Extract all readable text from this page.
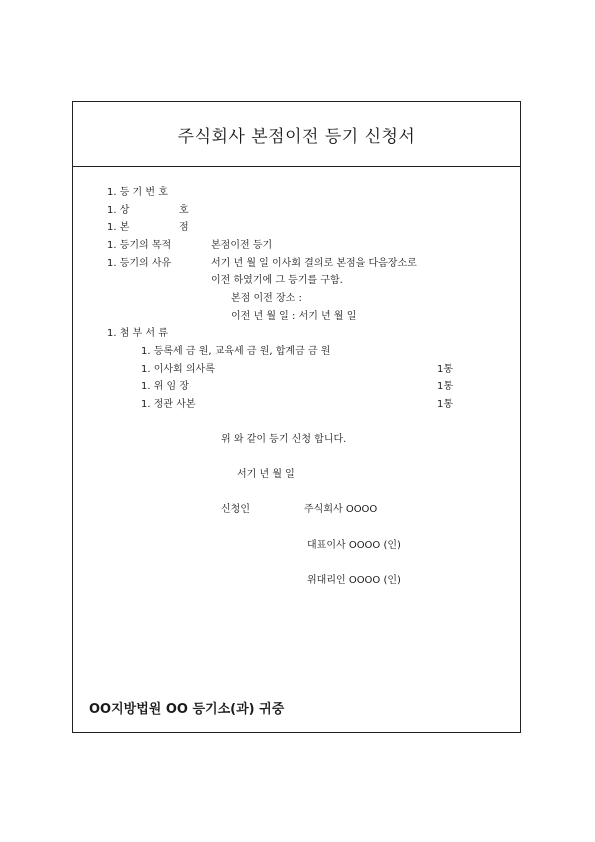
주식회사 본점이전 등기 신청서
1. 등 기 번 호
1. 상	호
1. 본	점
1. 등기의 목적	본점이전 등기
1. 등기의 사유	서기 년 월 일 이사회 결의로 본점을 다음장소로
이전 하였기에 그 등기를 구함.
본점 이전 장소 :
이전 년 월 일 : 서기 년 월 일
1. 첨 부 서 류
1. 등록세 금 원, 교육세 금 원, 합계금 금 원
1. 이사회 의사록	1통
1. 위 임 장	1통
1. 정관 사본	1통
위 와 같이 등기 신청 합니다.
서기 년 월 일
신청인	주식회사 OOOO
대표이사 OOOO (인)
위대리인 OOOO (인)
OO지방법원 OO 등기소(과) 귀중
